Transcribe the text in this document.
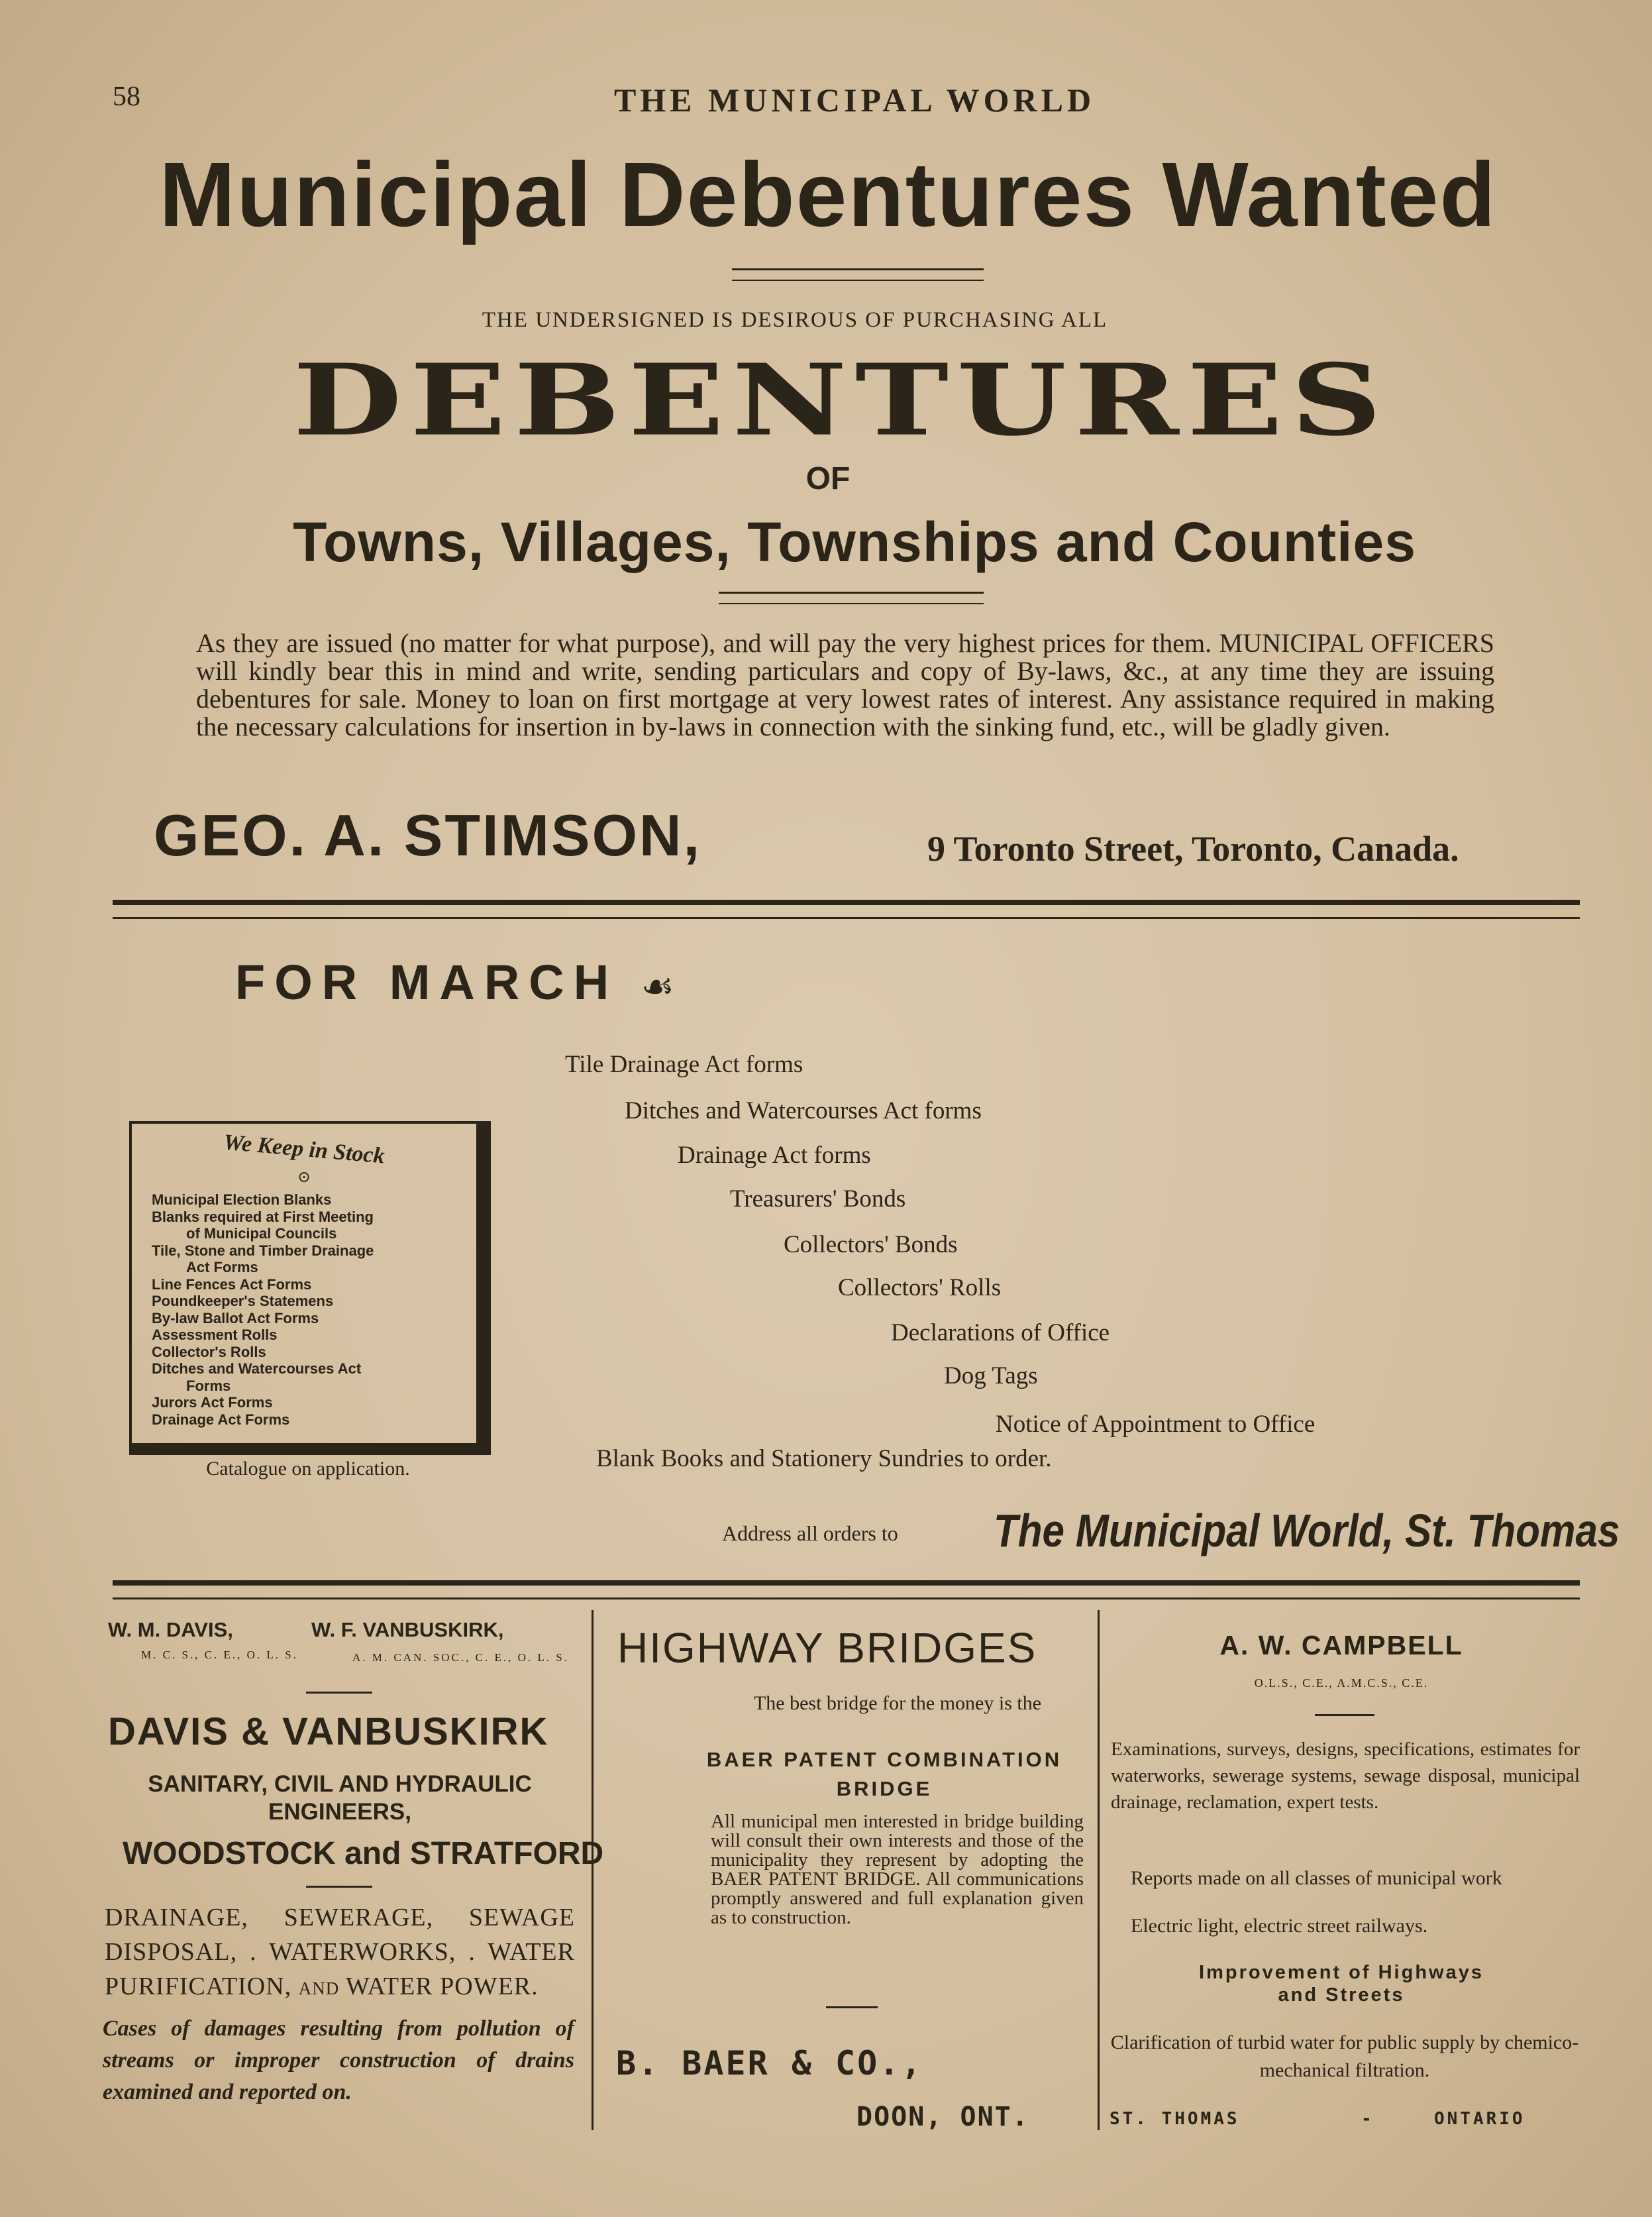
58	THE MUNICIPAL WORLD
Municipal Debentures Wanted
THE UNDERSIGNED IS DESIROUS OF PURCHASING ALL
DEBENTURES
OF
Towns, Villages, Townships and Counties
As they are issued (no matter for what purpose), and will pay the very highest prices for them. MUNICIPAL OFFICERS will kindly bear this in mind and write, sending particulars and copy of By-laws, &c., at any time they are issuing debentures for sale. Money to loan on first mortgage at very lowest rates of interest. Any assistance required in making the necessary calculations for insertion in by-laws in connection with the sinking fund, etc., will be gladly given.
GEO. A. STIMSON,	9 Toronto Street, Toronto, Canada.
FOR MARCH ☙
Tile Drainage Act forms
Ditches and Watercourses Act forms
Drainage Act forms
Treasurers' Bonds
Collectors' Bonds
Collectors' Rolls
Declarations of Office
Dog Tags
Notice of Appointment to Office
Blank Books and Stationery Sundries to order.
We Keep in Stock
⊙
Municipal Election Blanks
Blanks required at First Meeting
of Municipal Councils
Tile, Stone and Timber Drainage
Act Forms
Line Fences Act Forms
Poundkeeper's Statemens
By-law Ballot Act Forms
Assessment Rolls
Collector's Rolls
Ditches and Watercourses Act
Forms
Jurors Act Forms
Drainage Act Forms
Catalogue on application.
Address all orders to The Municipal World, St. Thomas
W. M. DAVIS,
M. C. S., C. E., O. L. S.
W. F. VANBUSKIRK,
A. M. CAN. SOC., C. E., O. L. S.
DAVIS & VANBUSKIRK
SANITARY, CIVIL AND HYDRAULIC ENGINEERS,
WOODSTOCK and STRATFORD
DRAINAGE, SEWERAGE, SEWAGE DISPOSAL, . WATERWORKS, . WATER PURIFICATION, and WATER POWER.
Cases of damages resulting from pollution of streams or improper construction of drains examined and reported on.
HIGHWAY BRIDGES
The best bridge for the money is the
BAER PATENT COMBINATION BRIDGE
All municipal men interested in bridge building will consult their own interests and those of the municipality they represent by adopting the BAER PATENT BRIDGE. All communications promptly answered and full explanation given as to construction.
B. BAER & CO.,
DOON, ONT.
A. W. CAMPBELL
O.L.S., C.E., A.M.C.S., C.E.
Examinations, surveys, designs, specifications, estimates for waterworks, sewerage systems, sewage disposal, municipal drainage, reclamation, expert tests.
Reports made on all classes of municipal work
Electric light, electric street railways.
Improvement of Highways and Streets
Clarification of turbid water for public supply by chemico-mechanical filtration.
ST. THOMAS	-	ONTARIO
